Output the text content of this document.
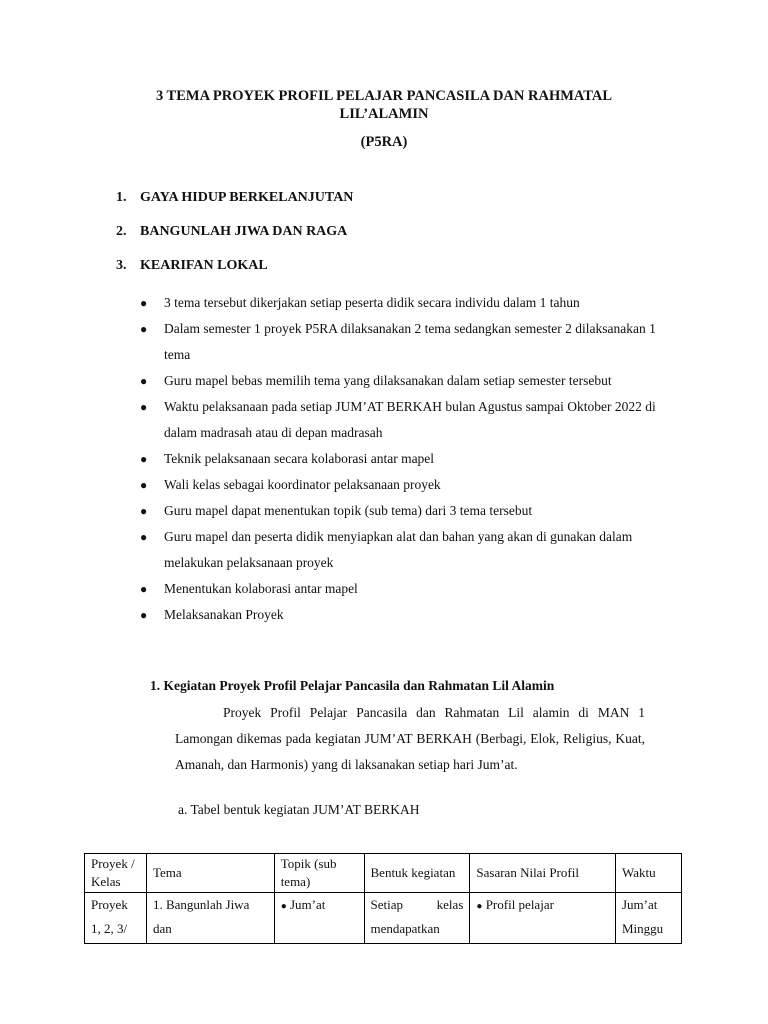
3 TEMA PROYEK PROFIL PELAJAR PANCASILA DAN RAHMATAL
LIL’ALAMIN
(P5RA)
1. GAYA HIDUP BERKELANJUTAN
2. BANGUNLAH JIWA DAN RAGA
3. KEARIFAN LOKAL
● 3 tema tersebut dikerjakan setiap peserta didik secara individu dalam 1 tahun
● Dalam semester 1 proyek P5RA dilaksanakan 2 tema sedangkan semester 2 dilaksanakan 1 tema
● Guru mapel bebas memilih tema yang dilaksanakan dalam setiap semester tersebut
● Waktu pelaksanaan pada setiap JUM’AT BERKAH bulan Agustus sampai Oktober 2022 di dalam madrasah atau di depan madrasah
● Teknik pelaksanaan secara kolaborasi antar mapel
● Wali kelas sebagai koordinator pelaksanaan proyek
● Guru mapel dapat menentukan topik (sub tema) dari 3 tema tersebut
● Guru mapel dan peserta didik menyiapkan alat dan bahan yang akan di gunakan dalam melakukan pelaksanaan proyek
● Menentukan kolaborasi antar mapel
● Melaksanakan Proyek
1. Kegiatan Proyek Profil Pelajar Pancasila dan Rahmatan Lil Alamin

Proyek Profil Pelajar Pancasila dan Rahmatan Lil alamin di MAN 1 Lamongan dikemas pada kegiatan JUM’AT BERKAH (Berbagi, Elok, Religius, Kuat, Amanah, dan Harmonis) yang di laksanakan setiap hari Jum’at.

a. Tabel bentuk kegiatan JUM’AT BERKAH
Proyek / Kelas	Tema	Topik (sub tema)	Bentuk kegiatan	Sasaran Nilai Profil	Waktu
Proyek 1, 2, 3/	1. Bangunlah Jiwa dan	● Jum’at	Setiap kelas mendapatkan	● Profil pelajar	Jum’at Minggu
